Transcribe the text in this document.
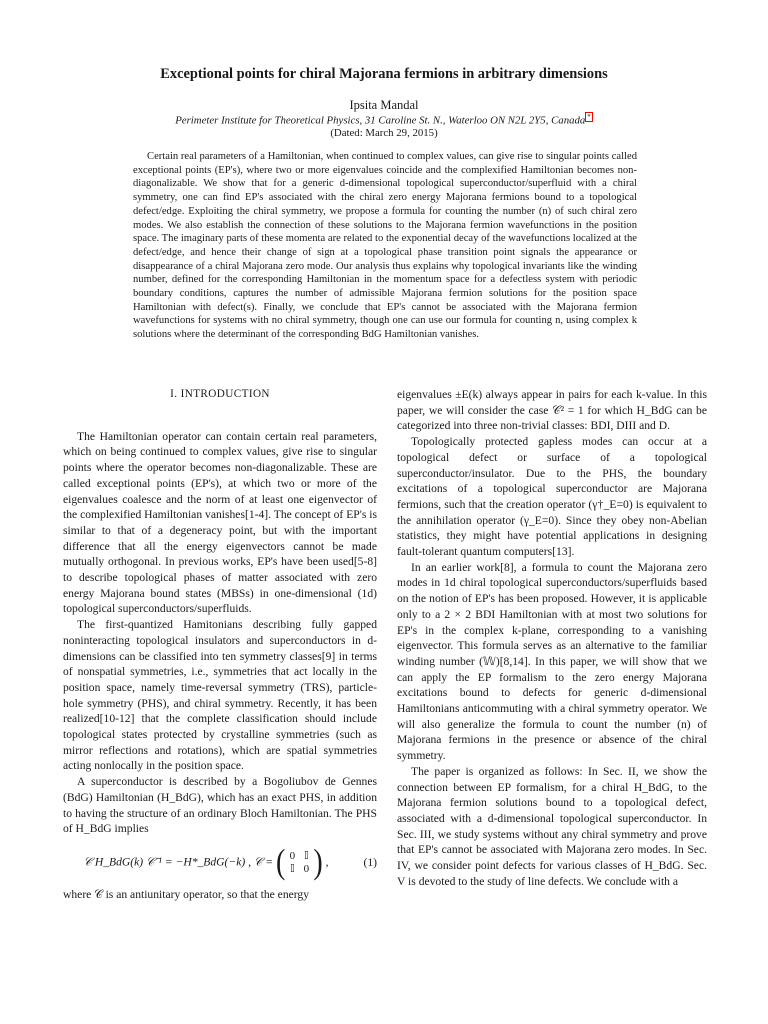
Exceptional points for chiral Majorana fermions in arbitrary dimensions
Ipsita Mandal
Perimeter Institute for Theoretical Physics, 31 Caroline St. N., Waterloo ON N2L 2Y5, Canada *
(Dated: March 29, 2015)
Certain real parameters of a Hamiltonian, when continued to complex values, can give rise to singular points called exceptional points (EP's), where two or more eigenvalues coincide and the complexified Hamiltonian becomes non-diagonalizable. We show that for a generic d-dimensional topological superconductor/superfluid with a chiral symmetry, one can find EP's associated with the chiral zero energy Majorana fermions bound to a topological defect/edge. Exploiting the chiral symmetry, we propose a formula for counting the number (n) of such chiral zero modes. We also establish the connection of these solutions to the Majorana fermion wavefunctions in the position space. The imaginary parts of these momenta are related to the exponential decay of the wavefunctions localized at the defect/edge, and hence their change of sign at a topological phase transition point signals the appearance or disappearance of a chiral Majorana zero mode. Our analysis thus explains why topological invariants like the winding number, defined for the corresponding Hamiltonian in the momentum space for a defectless system with periodic boundary conditions, captures the number of admissible Majorana fermion solutions for the position space Hamiltonian with defect(s). Finally, we conclude that EP's cannot be associated with the Majorana fermion wavefunctions for systems with no chiral symmetry, though one can use our formula for counting n, using complex k solutions where the determinant of the corresponding BdG Hamiltonian vanishes.
I. INTRODUCTION

The Hamiltonian operator can contain certain real parameters, which on being continued to complex values, give rise to singular points where the operator becomes non-diagonalizable. These are called exceptional points (EP's), at which two or more of the eigenvalues coalesce and the norm of at least one eigenvector of the complexified Hamiltonian vanishes[1-4]. The concept of EP's is similar to that of a degeneracy point, but with the important difference that all the energy eigenvectors cannot be made mutually orthogonal. In previous works, EP's have been used[5-8] to describe topological phases of matter associated with zero energy Majorana bound states (MBSs) in one-dimensional (1d) topological superconductors/superfluids.

The first-quantized Hamitonians describing fully gapped noninteracting topological insulators and superconductors in d-dimensions can be classified into ten symmetry classes[9] in terms of nonspatial symmetries, i.e., symmetries that act locally in the position space, namely time-reversal symmetry (TRS), particle-hole symmetry (PHS), and chiral symmetry. Recently, it has been realized[10-12] that the complete classification should include topological states protected by crystalline symmetries (such as mirror reflections and rotations), which are spatial symmetries acting nonlocally in the position space.

A superconductor is described by a Bogoliubov de Gennes (BdG) Hamiltonian (H_BdG), which has an exact PHS, in addition to having the structure of an ordinary Bloch Hamiltonian. The PHS of H_BdG implies

𝒞 H_BdG(k) 𝒞⁻¹ = −H*_BdG(−k) , 𝒞 = ( 0 𝕀
𝕀 0 ) ,	(1)

where 𝒞 is an antiunitary operator, so that the energy

eigenvalues ±E(k) always appear in pairs for each k-value. In this paper, we will consider the case 𝒞² = 1 for which H_BdG can be categorized into three non-trivial classes: BDI, DIII and D.

Topologically protected gapless modes can occur at a topological defect or surface of a topological superconductor/insulator. Due to the PHS, the boundary excitations of a topological superconductor are Majorana fermions, such that the creation operator (γ†_E=0) is equivalent to the annihilation operator (γ_E=0). Since they obey non-Abelian statistics, they might have potential applications in designing fault-tolerant quantum computers[13].

In an earlier work[8], a formula to count the Majorana zero modes in 1d chiral topological superconductors/superfluids based on the notion of EP's has been proposed. However, it is applicable only to a 2 × 2 BDI Hamiltonian with at most two solutions for EP's in the complex k-plane, corresponding to a vanishing eigenvector. This formula serves as an alternative to the familiar winding number (𝕎)[8,14]. In this paper, we will show that we can apply the EP formalism to the zero energy Majorana excitations bound to defects for generic d-dimensional Hamiltonians anticommuting with a chiral symmetry operator. We will also generalize the formula to count the number (n) of Majorana fermions in the presence or absence of the chiral symmetry.

The paper is organized as follows: In Sec. II, we show the connection between EP formalism, for a chiral H_BdG, to the Majorana fermion solutions bound to a topological defect, associated with a d-dimensional topological superconductor. In Sec. III, we study systems without any chiral symmetry and prove that EP's cannot be associated with Majorana zero modes. In Sec. IV, we consider point defects for various classes of H_BdG. Sec. V is devoted to the study of line defects. We conclude with a
